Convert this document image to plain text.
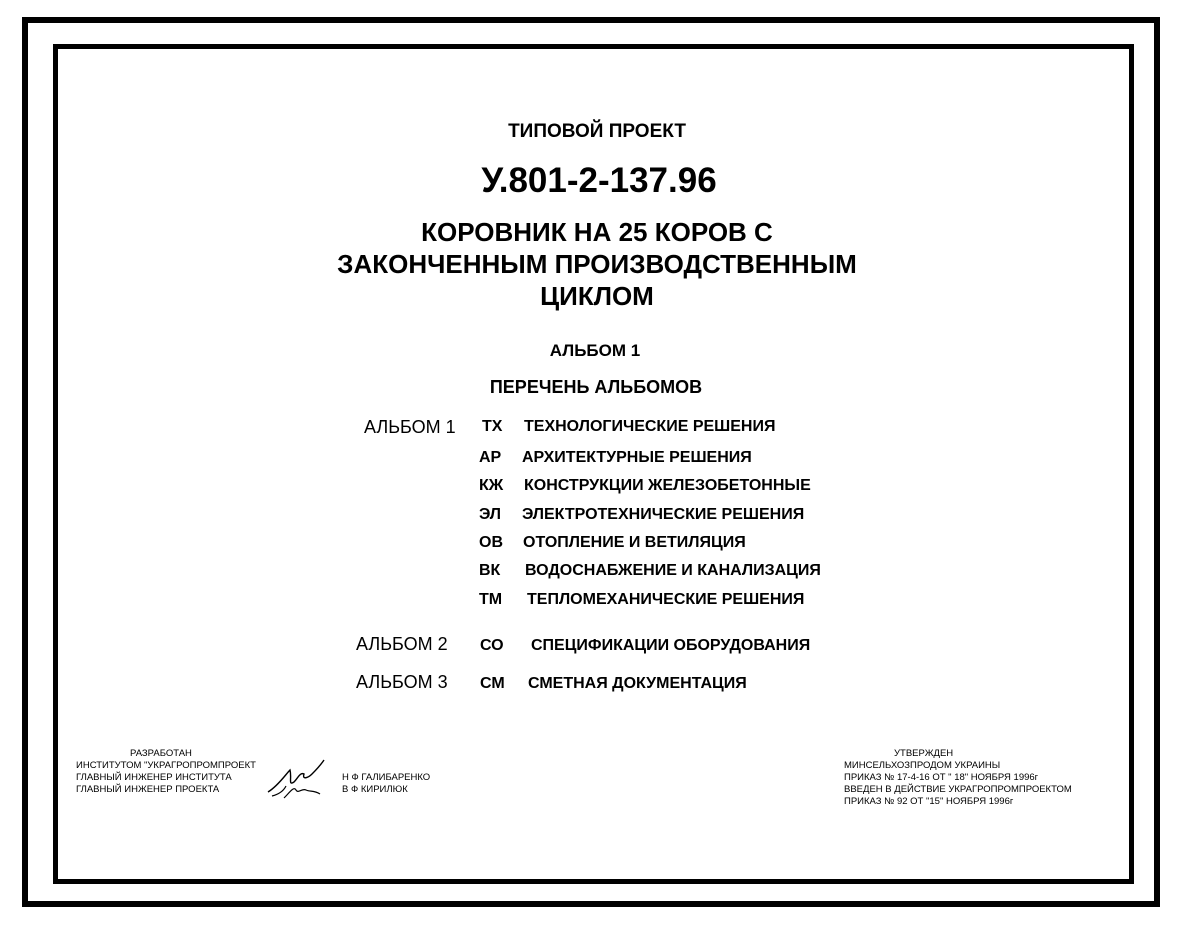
ТИПОВОЙ ПРОЕКТ
У.801-2-137.96
КОРОВНИК НА 25 КОРОВ С
ЗАКОНЧЕННЫМ ПРОИЗВОДСТВЕННЫМ
ЦИКЛОМ
АЛЬБОМ 1
ПЕРЕЧЕНЬ АЛЬБОМОВ
АЛЬБОМ 1 ТХ ТЕХНОЛОГИЧЕСКИЕ РЕШЕНИЯ
АР АРХИТЕКТУРНЫЕ РЕШЕНИЯ
КЖ КОНСТРУКЦИИ ЖЕЛЕЗОБЕТОННЫЕ
ЭЛ ЭЛЕКТРОТЕХНИЧЕСКИЕ РЕШЕНИЯ
ОВ ОТОПЛЕНИЕ И ВЕТИЛЯЦИЯ
ВК ВОДОСНАБЖЕНИЕ И КАНАЛИЗАЦИЯ
ТМ ТЕПЛОМЕХАНИЧЕСКИЕ РЕШЕНИЯ
АЛЬБОМ 2 СО СПЕЦИФИКАЦИИ ОБОРУДОВАНИЯ
АЛЬБОМ 3 СМ СМЕТНАЯ ДОКУМЕНТАЦИЯ
РАЗРАБОТАН
ИНСТИТУТОМ "УКРАГРОПРОМПРОЕКТ
ГЛАВНЫЙ ИНЖЕНЕР ИНСТИТУТА
ГЛАВНЫЙ ИНЖЕНЕР ПРОЕКТА
Н Ф ГАЛИБАРЕНКО
В Ф КИРИЛЮК
УТВЕРЖДЕН
МИНСЕЛЬХОЗПРОДОМ УКРАИНЫ
ПРИКАЗ № 17-4-16 ОТ " 18" НОЯБРЯ 1996г
ВВЕДЕН В ДЕЙСТВИЕ УКРАГРОПРОМПРОЕКТОМ
ПРИКАЗ № 92 ОТ "15" НОЯБРЯ 1996г
